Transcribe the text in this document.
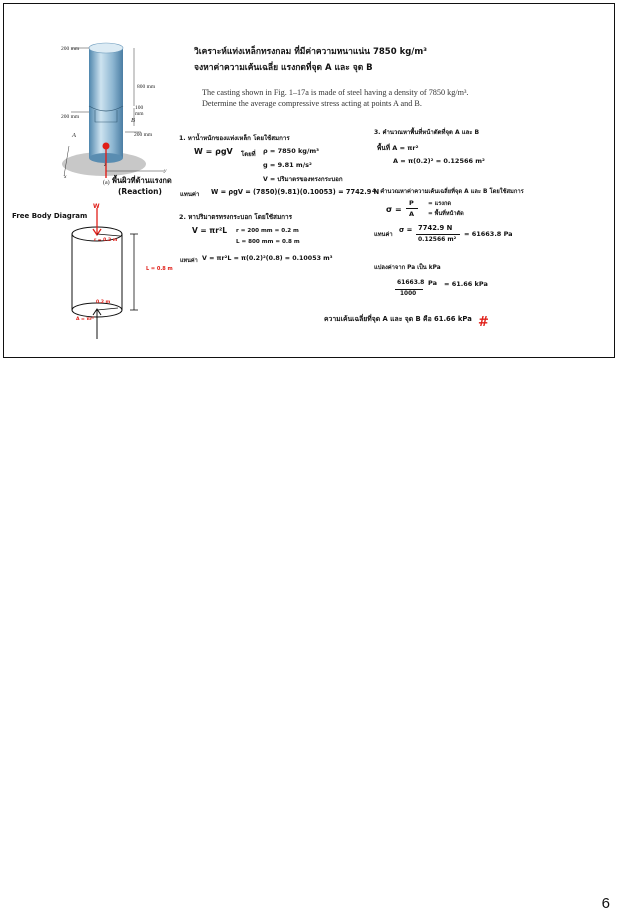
วิเคราะห์แท่งเหล็กทรงกลม ที่มีค่าความหนาแน่น 7850 kg/m³
จงหาค่าความเค้นเฉลี่ย แรงกดที่จุด A และ จุด B
The casting shown in Fig. 1–17a is made of steel having a density of 7850 kg/m³. Determine the average compressive stress acting at points A and B.
200 mm
800 mm
100
mm
200 mm
200 mm
A
B
z
x
y
(a) พื้นผิวที่ต้านแรงกด
(Reaction)
Free Body Diagram
W
r = 0.2 m
L = 0.8 m
0.2 m
A = πr²
1. หาน้ำหนักของแท่งเหล็ก โดยใช้สมการ
W = ρgV โดยที่ ρ = 7850 kg/m³
g = 9.81 m/s²
V = ปริมาตรของทรงกระบอก
แทนค่า W = ρgV = (7850)(9.81)(0.10053) = 7742.9 N
2. หาปริมาตรทรงกระบอก โดยใช้สมการ
V = πr²L r = 200 mm = 0.2 m
L = 800 mm = 0.8 m
แทนค่า V = πr²L = π(0.2)²(0.8) = 0.10053 m³
3. คำนวณหาพื้นที่หน้าตัดที่จุด A และ B
พื้นที่ A = πr²
A = π(0.2)² = 0.12566 m²
4. คำนวณหาค่าความเค้นเฉลี่ยที่จุด A และ B โดยใช้สมการ
σ =
P
A
= แรงกด
= พื้นที่หน้าตัด
แทนค่า
σ = 7742.9 N
0.12566 m²
= 61663.8 Pa
แปลงค่าจาก Pa เป็น kPa
61663.8 Pa
1000
= 61.66 kPa
ความเค้นเฉลี่ยที่จุด A และ จุด B คือ 61.66 kPa #
6
